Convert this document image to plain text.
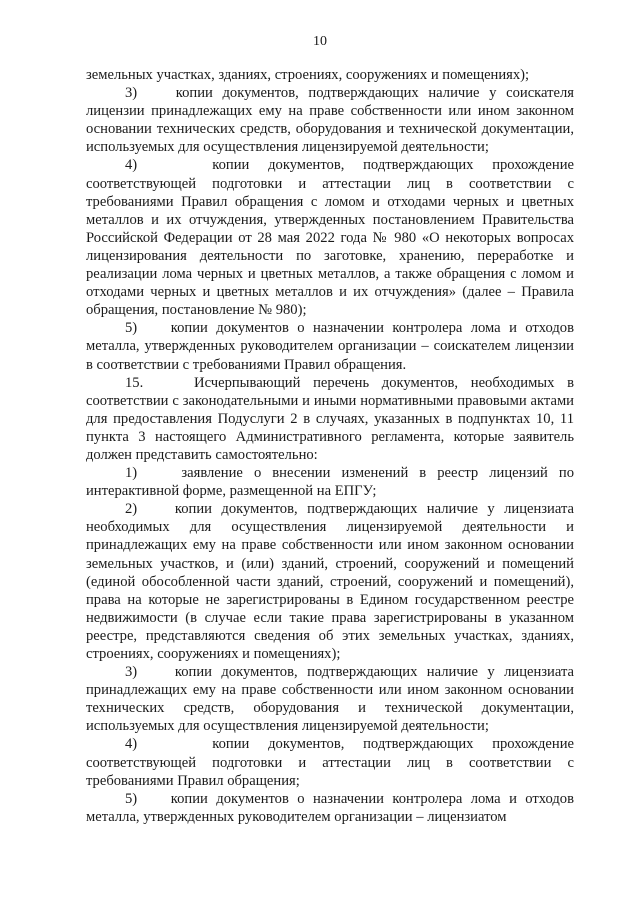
10

земельных участках, зданиях, строениях, сооружениях и помещениях);

3)    копии документов, подтверждающих наличие у соискателя лицензии принадлежащих ему на праве собственности или ином законном основании технических средств, оборудования и технической документации, используемых для осуществления лицензируемой деятельности;

4)    копии документов, подтверждающих прохождение соответствующей подготовки и аттестации лиц в соответствии с требованиями Правил обращения с ломом и отходами черных и цветных металлов и их отчуждения, утвержденных постановлением Правительства Российской Федерации от 28 мая 2022 года № 980 «О некоторых вопросах лицензирования деятельности по заготовке, хранению, переработке и реализации лома черных и цветных металлов, а также обращения с ломом и отходами черных и цветных металлов и их отчуждения» (далее – Правила обращения, постановление № 980);

5)    копии документов о назначении контролера лома и отходов металла, утвержденных руководителем организации – соискателем лицензии в соответствии с требованиями Правил обращения.

15.    Исчерпывающий перечень документов, необходимых в соответствии с законодательными и иными нормативными правовыми актами для предоставления Подуслуги 2 в случаях, указанных в подпунктах 10, 11 пункта 3 настоящего Административного регламента, которые заявитель должен представить самостоятельно:

1)    заявление о внесении изменений в реестр лицензий по интерактивной форме, размещенной на ЕПГУ;

2)    копии документов, подтверждающих наличие у лицензиата необходимых для осуществления лицензируемой деятельности и принадлежащих ему на праве собственности или ином законном основании земельных участков, и (или) зданий, строений, сооружений и помещений (единой обособленной части зданий, строений, сооружений и помещений), права на которые не зарегистрированы в Едином государственном реестре недвижимости (в случае если такие права зарегистрированы в указанном реестре, представляются сведения об этих земельных участках, зданиях, строениях, сооружениях и помещениях);

3)    копии документов, подтверждающих наличие у лицензиата принадлежащих ему на праве собственности или ином законном основании технических средств, оборудования и технической документации, используемых для осуществления лицензируемой деятельности;

4)    копии документов, подтверждающих прохождение соответствующей подготовки и аттестации лиц в соответствии с требованиями Правил обращения;

5)    копии документов о назначении контролера лома и отходов металла, утвержденных руководителем организации – лицензиатом
